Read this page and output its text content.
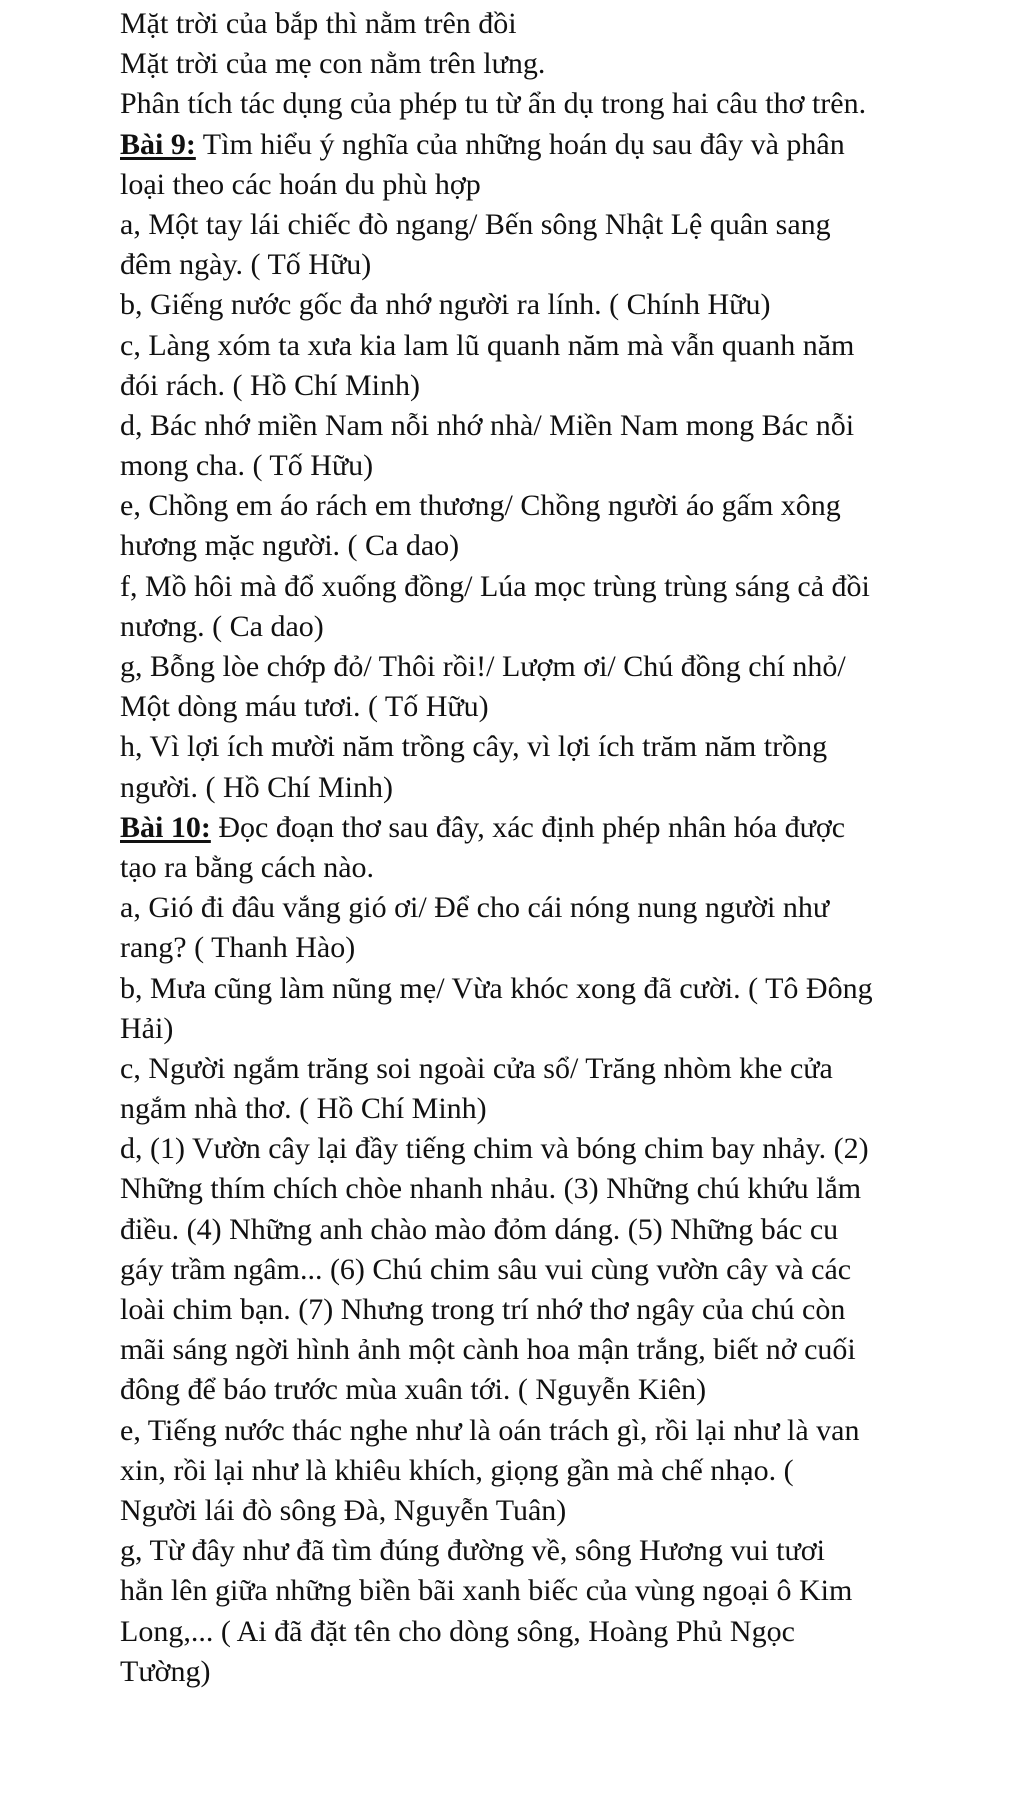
Mặt trời của bắp thì nằm trên đồi
Mặt trời của mẹ con nằm trên lưng.
Phân tích tác dụng của phép tu từ ẩn dụ trong hai câu thơ trên.
Bài 9: Tìm hiểu ý nghĩa của những hoán dụ sau đây và phân
loại theo các hoán du phù hợp
a, Một tay lái chiếc đò ngang/ Bến sông Nhật Lệ quân sang
đêm ngày. ( Tố Hữu)
b, Giếng nước gốc đa nhớ người ra lính. ( Chính Hữu)
c, Làng xóm ta xưa kia lam lũ quanh năm mà vẫn quanh năm
đói rách. ( Hồ Chí Minh)
d, Bác nhớ miền Nam nỗi nhớ nhà/ Miền Nam mong Bác nỗi
mong cha. ( Tố Hữu)
e, Chồng em áo rách em thương/ Chồng người áo gấm xông
hương mặc người. ( Ca dao)
f, Mồ hôi mà đổ xuống đồng/ Lúa mọc trùng trùng sáng cả đồi
nương. ( Ca dao)
g, Bỗng lòe chớp đỏ/ Thôi rồi!/ Lượm ơi/ Chú đồng chí nhỏ/
Một dòng máu tươi. ( Tố Hữu)
h, Vì lợi ích mười năm trồng cây, vì lợi ích trăm năm trồng
người. ( Hồ Chí Minh)
Bài 10: Đọc đoạn thơ sau đây, xác định phép nhân hóa được
tạo ra bằng cách nào.
a, Gió đi đâu vắng gió ơi/ Để cho cái nóng nung người như
rang? ( Thanh Hào)
b, Mưa cũng làm nũng mẹ/ Vừa khóc xong đã cười. ( Tô Đông
Hải)
c, Người ngắm trăng soi ngoài cửa sổ/ Trăng nhòm khe cửa
ngắm nhà thơ. ( Hồ Chí Minh)
d, (1) Vườn cây lại đầy tiếng chim và bóng chim bay nhảy. (2)
Những thím chích chòe nhanh nhảu. (3) Những chú khứu lắm
điều. (4) Những anh chào mào đỏm dáng. (5) Những bác cu
gáy trầm ngâm... (6) Chú chim sâu vui cùng vườn cây và các
loài chim bạn. (7) Nhưng trong trí nhớ thơ ngây của chú còn
mãi sáng ngời hình ảnh một cành hoa mận trắng, biết nở cuối
đông để báo trước mùa xuân tới. ( Nguyễn Kiên)
e, Tiếng nước thác nghe như là oán trách gì, rồi lại như là van
xin, rồi lại như là khiêu khích, giọng gần mà chế nhạo. (
Người lái đò sông Đà, Nguyễn Tuân)
g, Từ đây như đã tìm đúng đường về, sông Hương vui tươi
hẳn lên giữa những biền bãi xanh biếc của vùng ngoại ô Kim
Long,... ( Ai đã đặt tên cho dòng sông, Hoàng Phủ Ngọc
Tường)
